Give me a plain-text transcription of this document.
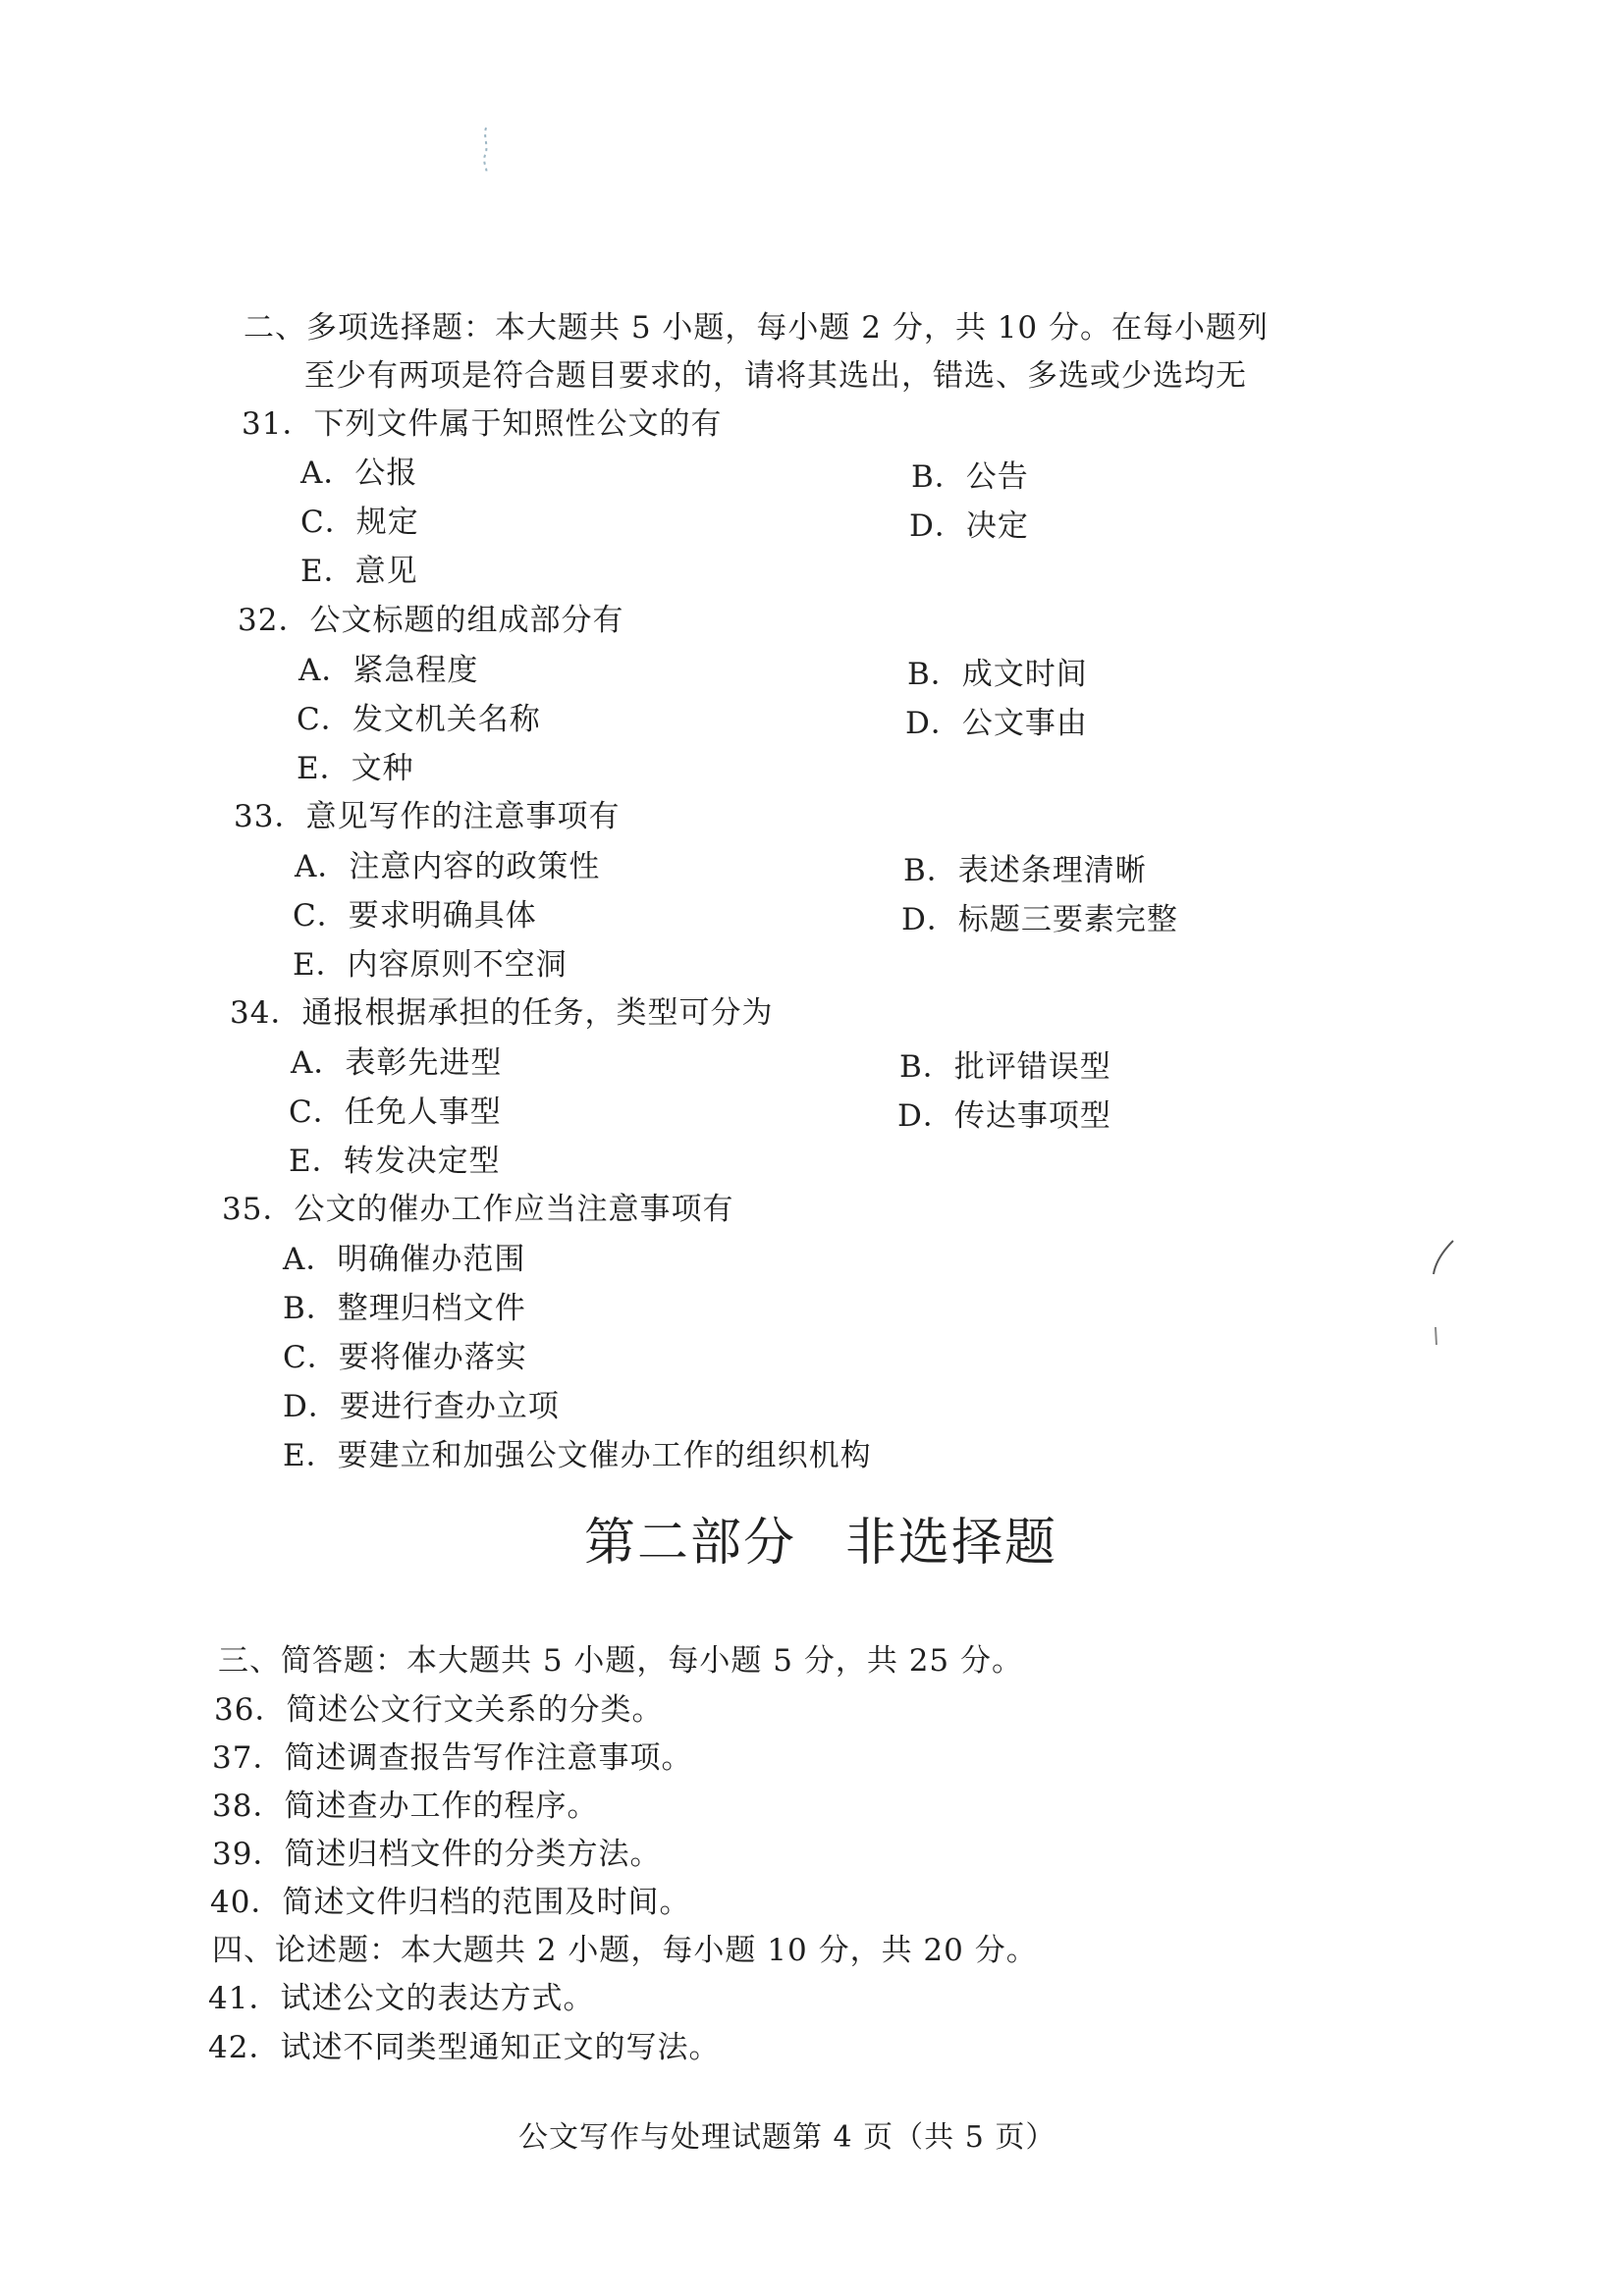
二、多项选择题：本大题共 5 小题，每小题 2 分，共 10 分。在每小题列
至少有两项是符合题目要求的，请将其选出，错选、多选或少选均无
31．下列文件属于知照性公文的有
A．公报	B．公告
C．规定	D．决定
E．意见
32．公文标题的组成部分有
A．紧急程度	B．成文时间
C．发文机关名称	D．公文事由
E．文种
33．意见写作的注意事项有
A．注意内容的政策性	B．表述条理清晰
C．要求明确具体	D．标题三要素完整
E．内容原则不空洞
34．通报根据承担的任务，类型可分为
A．表彰先进型	B．批评错误型
C．任免人事型	D．传达事项型
E．转发决定型
35．公文的催办工作应当注意事项有
A．明确催办范围
B．整理归档文件
C．要将催办落实
D．要进行查办立项
E．要建立和加强公文催办工作的组织机构
第二部分 非选择题
三、简答题：本大题共 5 小题，每小题 5 分，共 25 分。
36．简述公文行文关系的分类。
37．简述调查报告写作注意事项。
38．简述查办工作的程序。
39．简述归档文件的分类方法。
40．简述文件归档的范围及时间。
四、论述题：本大题共 2 小题，每小题 10 分，共 20 分。
41．试述公文的表达方式。
42．试述不同类型通知正文的写法。
公文写作与处理试题第 4 页（共 5 页）
